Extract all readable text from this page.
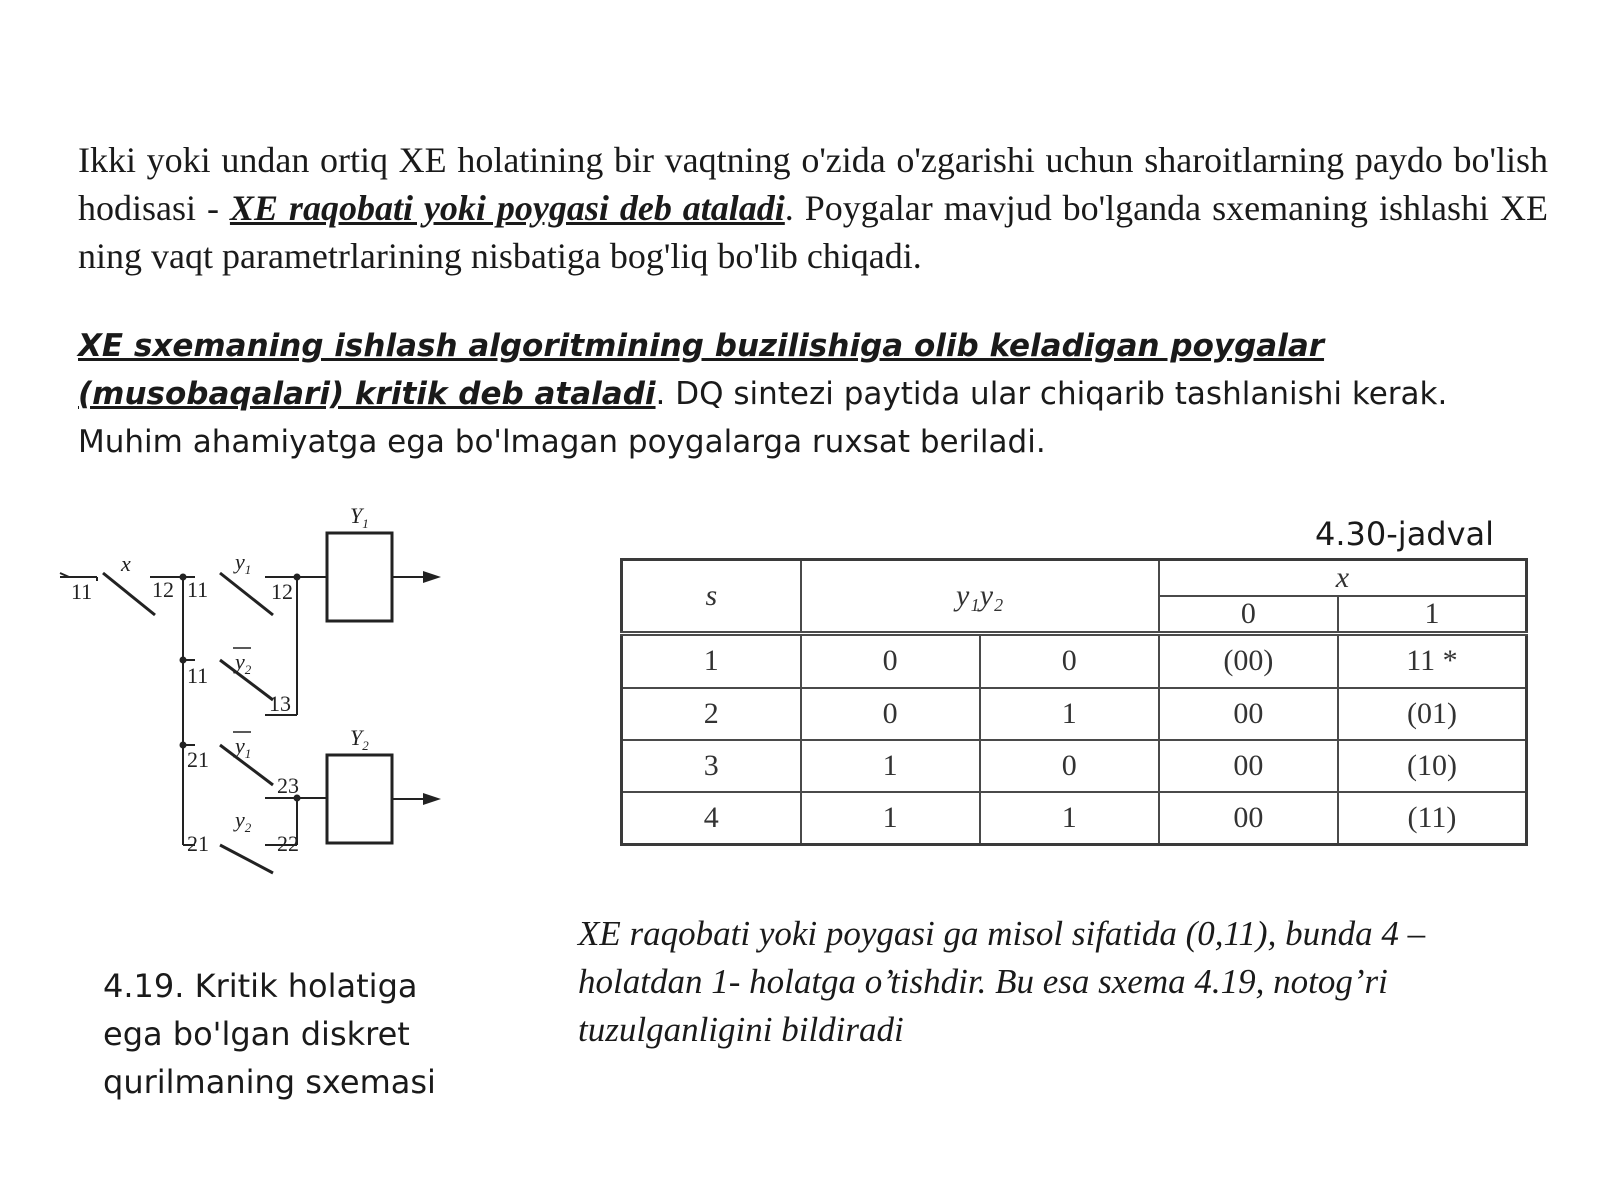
Ikki yoki undan ortiq XE holatining bir vaqtning o'zida o'zgarishi uchun sharoitlarning paydo bo'lish hodisasi - XE raqobati yoki poygasi deb ataladi. Poygalar mavjud bo'lganda sxemaning ishlashi XE ning vaqt parametrlarining nisbatiga bog'liq bo'lib chiqadi.

XE sxemaning ishlash algoritmining buzilishiga olib keladigan poygalar (musobaqalari) kritik deb ataladi. DQ sintezi paytida ular chiqarib tashlanishi kerak. Muhim ahamiyatga ega bo'lmagan poygalarga ruxsat beriladi.

11	12 11	12
11
13
21
23
21	22
x	$y_1$
$y_2$
$y_1$
$y_2$
$Y_1$
$Y_2$
4.30-jadval
s	y₁y₂		x	
			0	1
1	0	0	(00)	11 *
2	0	1	00	(01)
3	1	0	00	(10)
4	1	1	00	(11)
4.19. Kritik holatiga ega bo'lgan diskret qurilmaning sxemasi
XE raqobati yoki poygasi ga misol sifatida (0,11), bunda 4 – holatdan 1- holatga o’tishdir. Bu esa sxema 4.19, notog’ri tuzulganligini bildiradi
